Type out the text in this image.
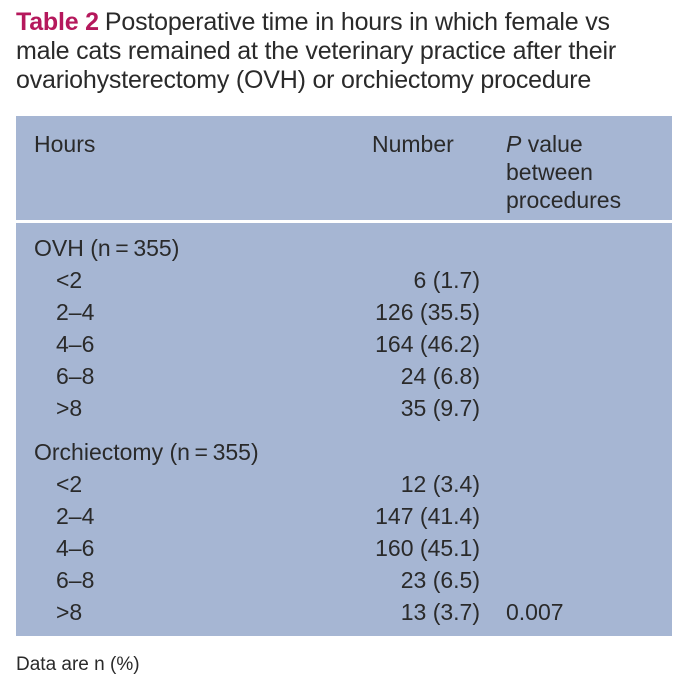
Table 2 Postoperative time in hours in which female vs
male cats remained at the veterinary practice after their
ovariohysterectomy (OVH) or orchiectomy procedure
Hours	Number P value
between
procedures
OVH (n = 355)
<2	6 (1.7)
2–4	126 (35.5)
4–6	164 (46.2)
6–8	24 (6.8)
>8	35 (9.7)
Orchiectomy (n = 355)
<2	12 (3.4)
2–4	147 (41.4)
4–6	160 (45.1)
6–8	23 (6.5)
>8	13 (3.7) 0.007
Data are n (%)
